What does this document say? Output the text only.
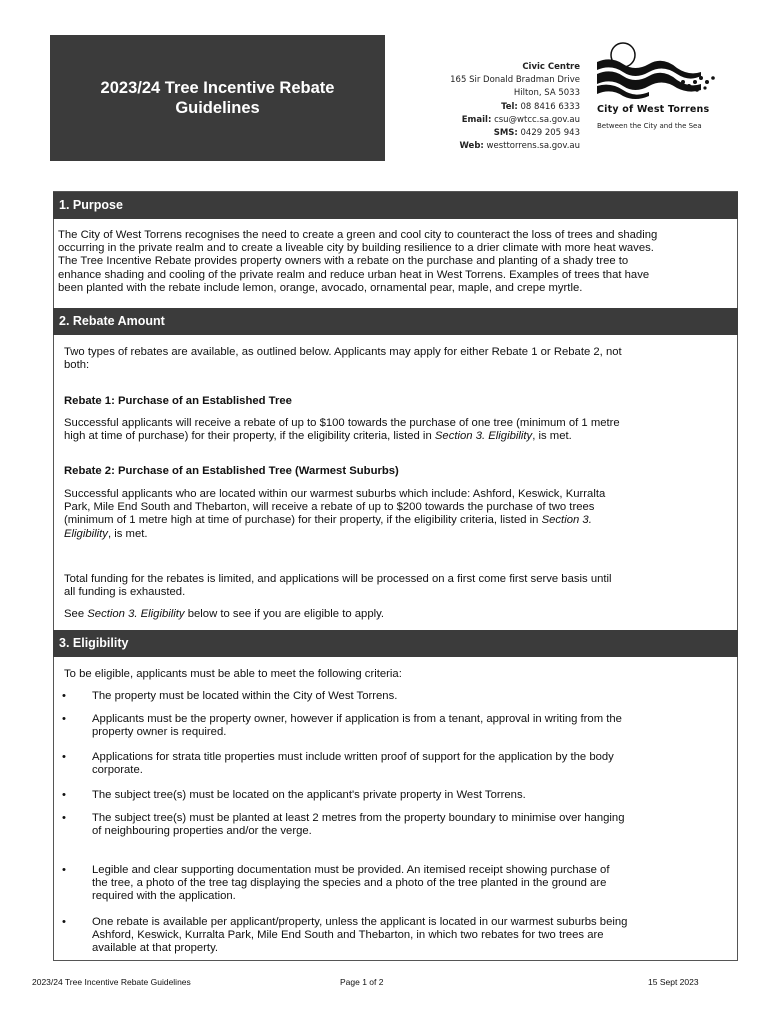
2023/24 Tree Incentive Rebate Guidelines
Civic Centre
165 Sir Donald Bradman Drive
Hilton, SA 5033
Tel: 08 8416 6333
Email: csu@wtcc.sa.gov.au
SMS: 0429 205 943
Web: westtorrens.sa.gov.au
City of West Torrens
Between the City and the Sea
1. Purpose
The City of West Torrens recognises the need to create a green and cool city to counteract the loss of trees and shading
occurring in the private realm and to create a liveable city by building resilience to a drier climate with more heat waves.
The Tree Incentive Rebate provides property owners with a rebate on the purchase and planting of a shady tree to
enhance shading and cooling of the private realm and reduce urban heat in West Torrens. Examples of trees that have
been planted with the rebate include lemon, orange, avocado, ornamental pear, maple, and crepe myrtle.
2. Rebate Amount
Two types of rebates are available, as outlined below. Applicants may apply for either Rebate 1 or Rebate 2, not
both:
Rebate 1: Purchase of an Established Tree
Successful applicants will receive a rebate of up to $100 towards the purchase of one tree (minimum of 1 metre
high at time of purchase) for their property, if the eligibility criteria, listed in Section 3. Eligibility, is met.
Rebate 2: Purchase of an Established Tree (Warmest Suburbs)
Successful applicants who are located within our warmest suburbs which include: Ashford, Keswick, Kurralta
Park, Mile End South and Thebarton, will receive a rebate of up to $200 towards the purchase of two trees
(minimum of 1 metre high at time of purchase) for their property, if the eligibility criteria, listed in Section 3.
Eligibility, is met.
Total funding for the rebates is limited, and applications will be processed on a first come first serve basis until
all funding is exhausted.
See Section 3. Eligibility below to see if you are eligible to apply.
3. Eligibility
To be eligible, applicants must be able to meet the following criteria:
• The property must be located within the City of West Torrens.
• Applicants must be the property owner, however if application is from a tenant, approval in writing from the
property owner is required.
• Applications for strata title properties must include written proof of support for the application by the body
corporate.
• The subject tree(s) must be located on the applicant's private property in West Torrens.
• The subject tree(s) must be planted at least 2 metres from the property boundary to minimise over hanging
of neighbouring properties and/or the verge.
• Legible and clear supporting documentation must be provided. An itemised receipt showing purchase of
the tree, a photo of the tree tag displaying the species and a photo of the tree planted in the ground are
required with the application.
• One rebate is available per applicant/property, unless the applicant is located in our warmest suburbs being
Ashford, Keswick, Kurralta Park, Mile End South and Thebarton, in which two rebates for two trees are
available at that property.
2023/24 Tree Incentive Rebate Guidelines	Page 1 of 2	15 Sept 2023
